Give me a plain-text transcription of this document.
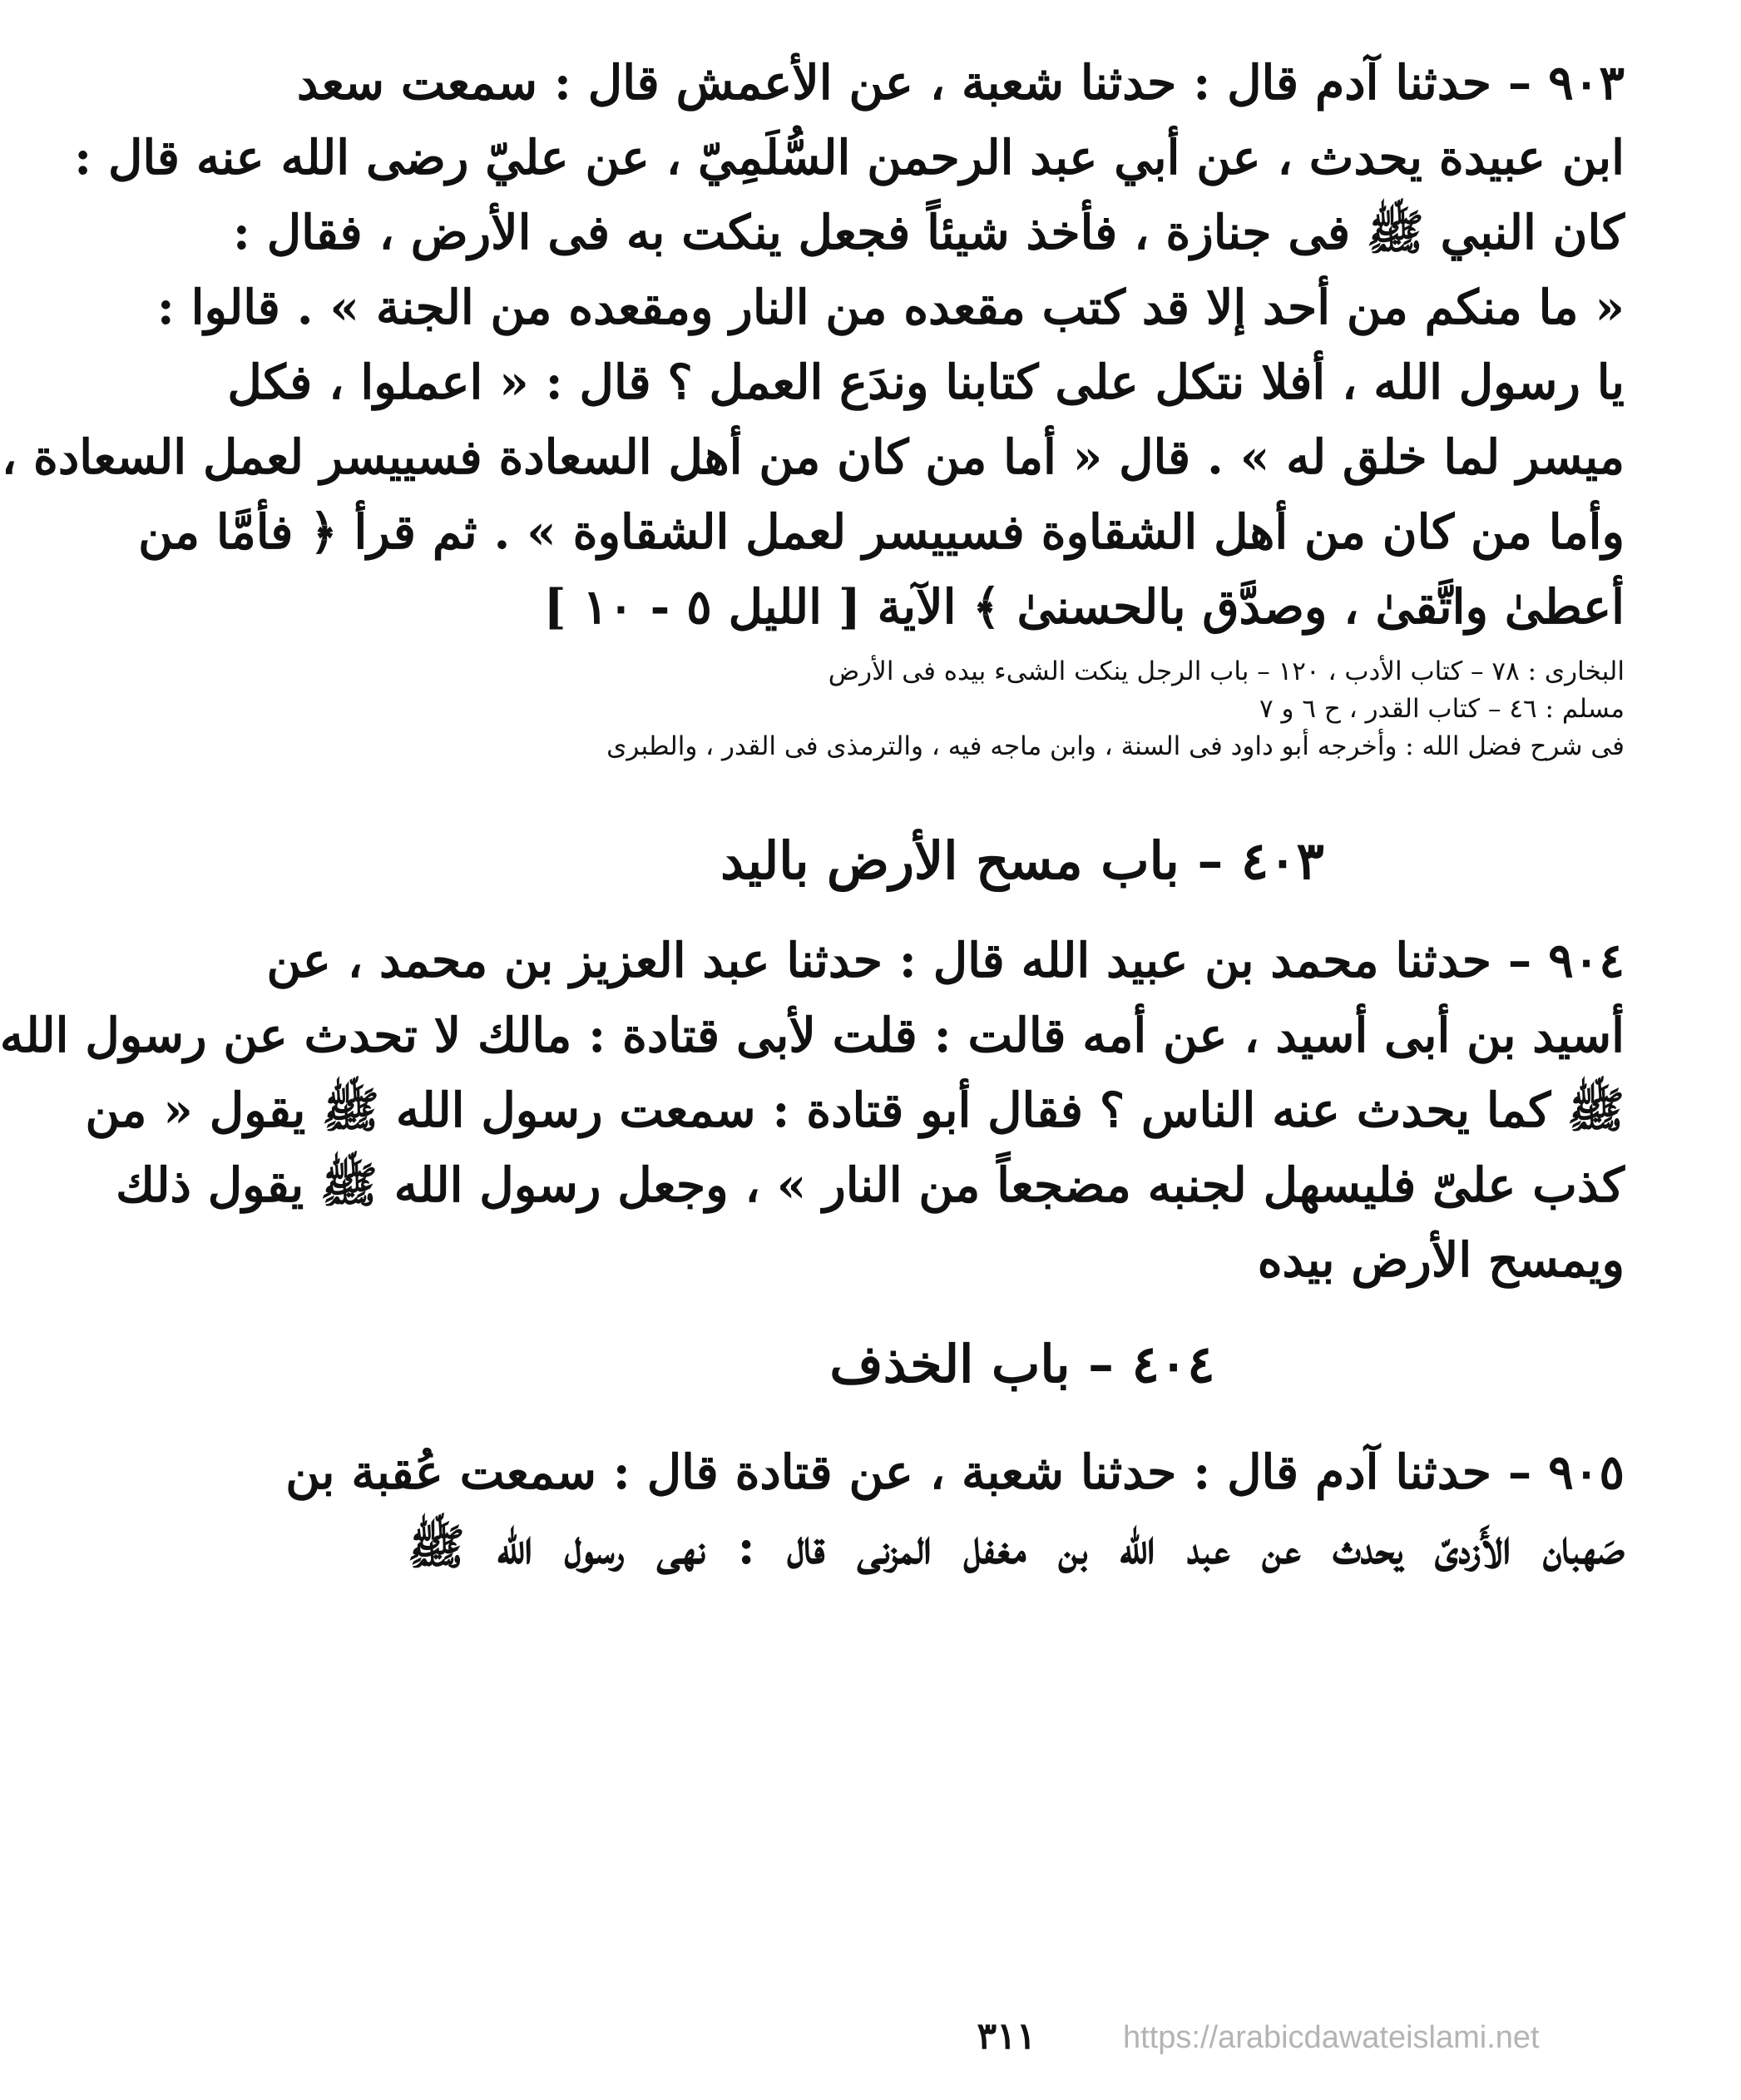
٩٠٣ – حدثنا آدم قال : حدثنا شعبة ، عن الأعمش قال : سمعت سعد
ابن عبيدة يحدث ، عن أبي عبد الرحمن السُّلَمِيّ ، عن عليّ رضى الله عنه قال :
كان النبي ﷺ فى جنازة ، فأخذ شيئاً فجعل ينكت به فى الأرض ، فقال :
« ما منكم من أحد إلا قد كتب مقعده من النار ومقعده من الجنة » . قالوا :
يا رسول الله ، أفلا نتكل على كتابنا وندَع العمل ؟ قال : « اعملوا ، فكل
ميسر لما خلق له » . قال « أما من كان من أهل السعادة فسييسر لعمل السعادة ،
وأما من كان من أهل الشقاوة فسييسر لعمل الشقاوة » . ثم قرأ ﴿ فأمَّا من
أعطىٰ واتَّقىٰ ، وصدَّق بالحسنىٰ ﴾ الآية [ الليل ٥ - ١٠ ]
البخارى : ٧٨ – كتاب الأدب ، ١٢٠ – باب الرجل ينكت الشىء بيده فى الأرض
مسلم : ٤٦ – كتاب القدر ، ح ٦ و ٧
فى شرح فضل الله : وأخرجه أبو داود فى السنة ، وابن ماجه فيه ، والترمذى فى القدر ، والطبرى
٤٠٣ – باب مسح الأرض باليد
٩٠٤ – حدثنا محمد بن عبيد الله قال : حدثنا عبد العزيز بن محمد ، عن
أسيد بن أبى أسيد ، عن أمه قالت : قلت لأبى قتادة : مالك لا تحدث عن رسول الله
ﷺ كما يحدث عنه الناس ؟ فقال أبو قتادة : سمعت رسول الله ﷺ يقول « من
كذب علىّ فليسهل لجنبه مضجعاً من النار » ، وجعل رسول الله ﷺ يقول ذلك
ويمسح الأرض بيده
٤٠٤ – باب الخذف
٩٠٥ – حدثنا آدم قال : حدثنا شعبة ، عن قتادة قال : سمعت عُقبة بن
صَهبان الأَزدىّ يحدث عن عبد الله بن مغفل المزنى قال : نهى رسول الله ﷺ
٣١١	https://arabicdawateislami.net
